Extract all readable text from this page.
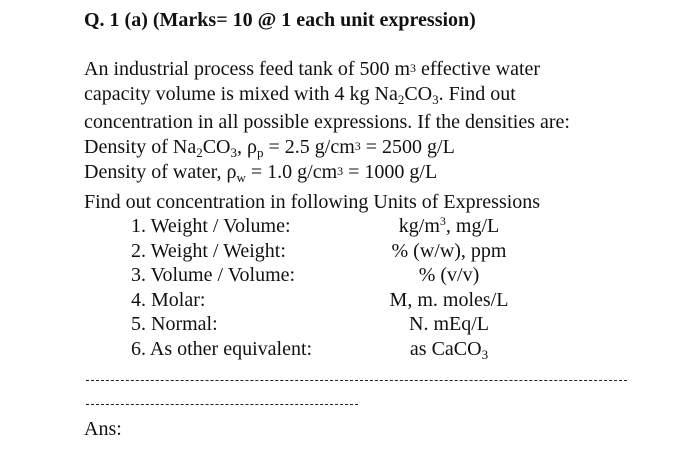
Q. 1 (a) (Marks= 10 @ 1 each unit expression)
An industrial process feed tank of 500 $m^3$ effective water
capacity volume is mixed with 4 kg $Na_2CO_3$. Find out
concentration in all possible expressions. If the densities are:
Density of $Na_2CO_3$, $\rho_p = 2.5$ $g/cm^3 = 2500$ g/L
Density of water, $\rho_w = 1.0$ $g/cm^3 = 1000$ g/L
Find out concentration in following Units of Expressions
1. Weight / Volume:	$kg/m^3$, mg/L
2. Weight / Weight:	% (w/w), ppm
3. Volume / Volume:	% (v/v)
4. Molar:	M, m. moles/L
5. Normal:	N. mEq/L
6. As other equivalent:	as CaCO$_3$
Ans:
